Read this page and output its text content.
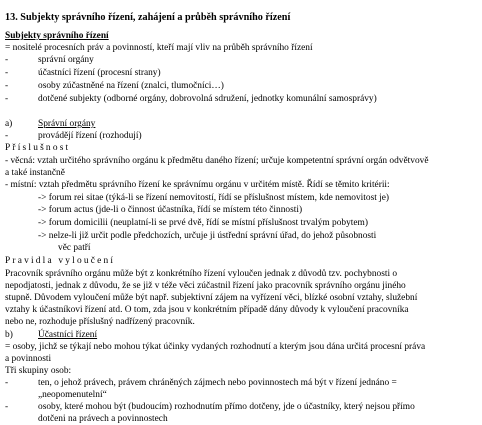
13. Subjekty správního řízení, zahájení a průběh správního řízení
Subjekty správního řízení
= nositelé procesních práv a povinností, kteří mají vliv na průběh správního řízení
-	správní orgány
-	účastníci řízení (procesní strany)
-	osoby zúčastněné na řízení (znalci, tlumočníci…)
-	dotčené subjekty (odborné orgány, dobrovolná sdružení, jednotky komunální samosprávy)
a)	Správní orgány
-	provádějí řízení (rozhodují)
Příslušnost
- věcná: vztah určitého správního orgánu k předmětu daného řízení; určuje kompetentní správní orgán odvětvově
a také instančně
- místní: vztah předmětu správního řízení ke správnímu orgánu v určitém místě. Řídí se těmito kritérii:
-> forum rei sitae (týká-li se řízení nemovitostí, řídí se příslušnost místem, kde nemovitost je)
-> forum actus (jde-li o činnost účastníka, řídí se místem této činnosti)
-> forum domicilii (neuplatní-li se prvé dvě, řídí se místní příslušnost trvalým pobytem)
-> nelze-li již určit podle předchozích, určuje ji ústřední správní úřad, do jehož působnosti
věc patří
Pravidla vyloučení
Pracovník správního orgánu může být z konkrétního řízení vyloučen jednak z důvodů tzv. pochybnosti o
nepodjatosti, jednak z důvodu, že se již v téže věci zúčastnil řízení jako pracovník správního orgánu jiného
stupně. Důvodem vyloučení může být např. subjektivní zájem na vyřízení věci, blízké osobní vztahy, služební
vztahy k účastníkovi řízení atd. O tom, zda jsou v konkrétním případě dány důvody k vyloučení pracovníka
nebo ne, rozhoduje příslušný nadřízený pracovník.
b)	Účastníci řízení
= osoby, jichž se týkají nebo mohou týkat účinky vydaných rozhodnutí a kterým jsou dána určitá procesní práva
a povinnosti
Tři skupiny osob:
-	ten, o jehož právech, právem chráněných zájmech nebo povinnostech má být v řízení jednáno =
„neopomenutelní“
-	osoby, které mohou být (budoucím) rozhodnutím přímo dotčeny, jde o účastníky, který nejsou přímo
dotčeni na právech a povinnostech
